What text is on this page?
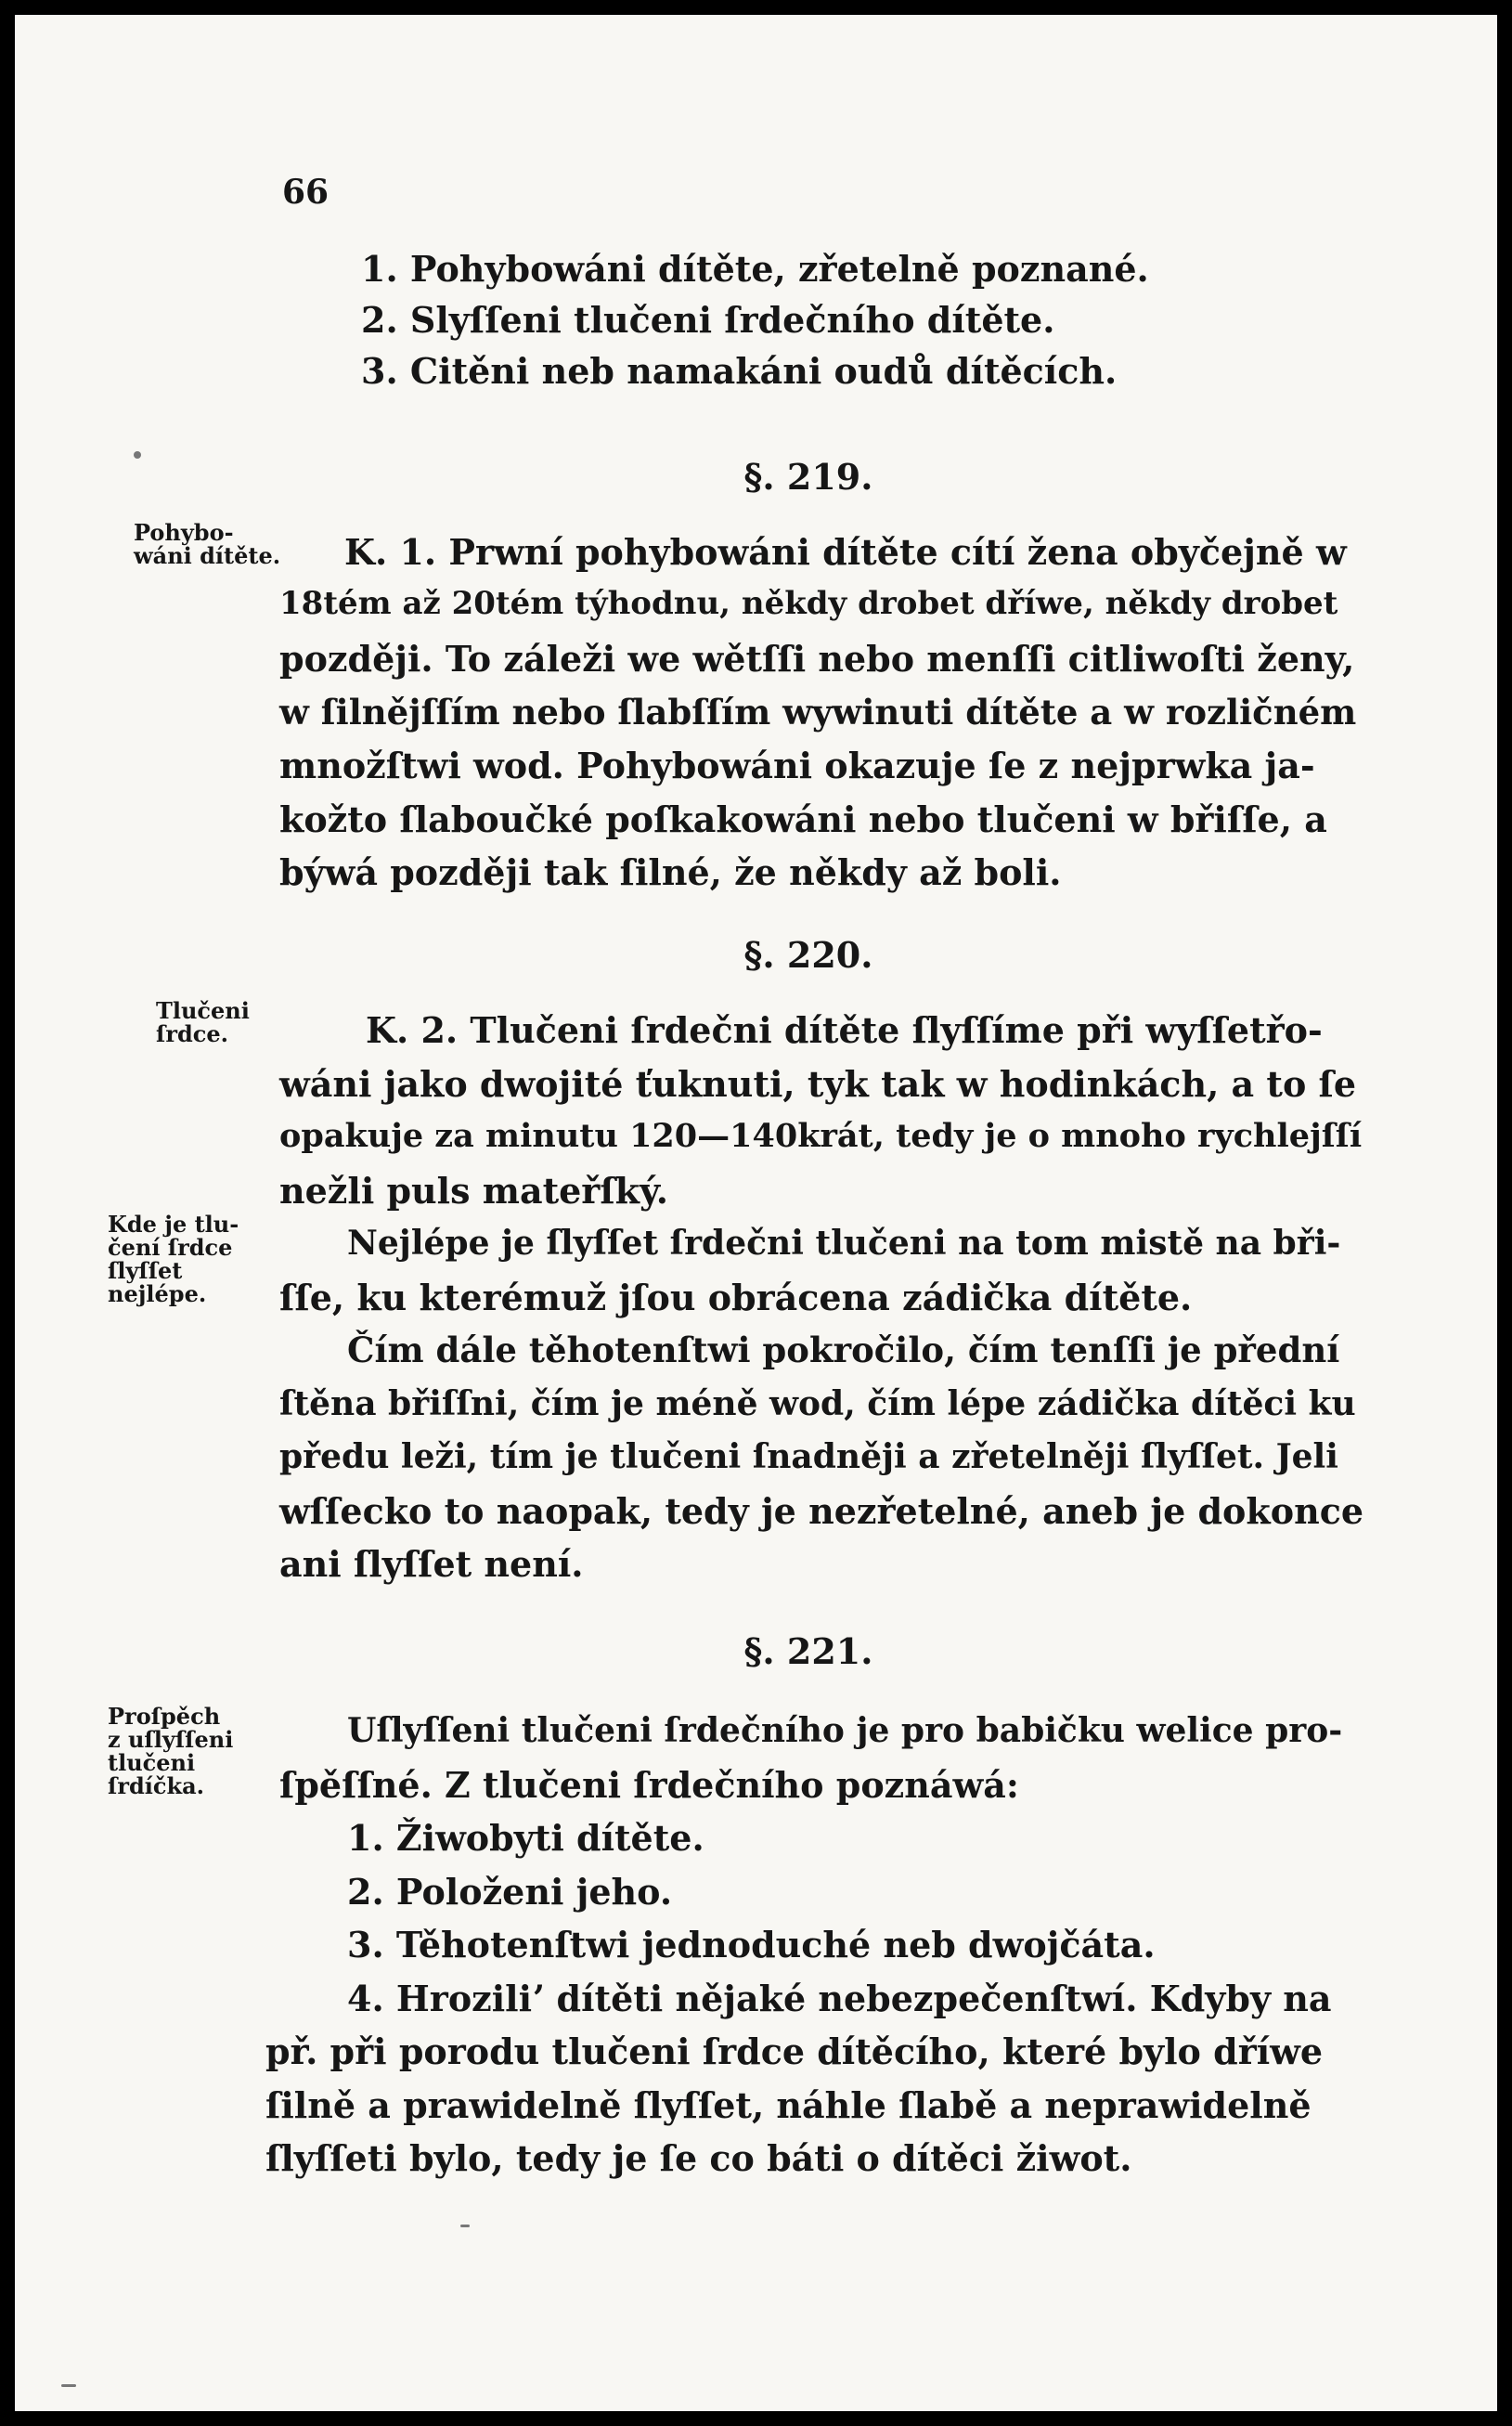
66
1. Pohybowáni dítěte, zřetelně poznané.
2. Slyſſeni tlučeni ſrdečního dítěte.
3. Citěni neb namakáni oudů dítěcích.
§. 219.
Pohybo-
wáni dítěte. K. 1. Prwní pohybowáni dítěte cítí žena obyčejně w
18tém až 20tém týhodnu, někdy drobet dříwe, někdy drobet
později. To záleži we wětſſi nebo menſſi citliwoſti ženy,
w ſilnějſſím nebo ſlabſſím wywinuti dítěte a w rozličném
množſtwi wod. Pohybowáni okazuje ſe z nejprwka ja-
kožto ſlaboučké poſkakowáni nebo tlučeni w břiſſe, a
býwá později tak ſilné, že někdy až boli.
§. 220.
Tlučeni
ſrdce.	K. 2. Tlučeni ſrdečni dítěte ſlyſſíme při wyſſetřo-
wáni jako dwojité ťuknuti, tyk tak w hodinkách, a to ſe
opakuje za minutu 120—140krát, tedy je o mnoho rychlejſſí
nežli puls mateřſký.
Kde je tlu-
čení ſrdce
ſlyſſet
nejlépe.
Nejlépe je ſlyſſet ſrdečni tlučeni na tom mistě na bři-
ſſe, ku kterémuž jſou obrácena zádička dítěte.
Čím dále těhotenſtwi pokročilo, čím tenſſi je přední
ſtěna břiſſni, čím je méně wod, čím lépe zádička dítěci ku
předu leži, tím je tlučeni ſnadněji a zřetelněji ſlyſſet. Jeli
wſſecko to naopak, tedy je nezřetelné, aneb je dokonce
ani ſlyſſet není.
§. 221.
Proſpěch
z uſlyſſeni
tlučeni
ſrdíčka.
Uſlyſſeni tlučeni ſrdečního je pro babičku welice pro-
ſpěſſné. Z tlučeni ſrdečního poznáwá:
1. Žiwobyti dítěte.
2. Položeni jeho.
3. Těhotenſtwi jednoduché neb dwojčáta.
4. Hroziliʼ dítěti nějaké nebezpečenſtwí. Kdyby na
př. při porodu tlučeni ſrdce dítěcího, které bylo dříwe
ſilně a prawidelně ſlyſſet, náhle ſlabě a neprawidelně
ſlyſſeti bylo, tedy je ſe co báti o dítěci žiwot.
